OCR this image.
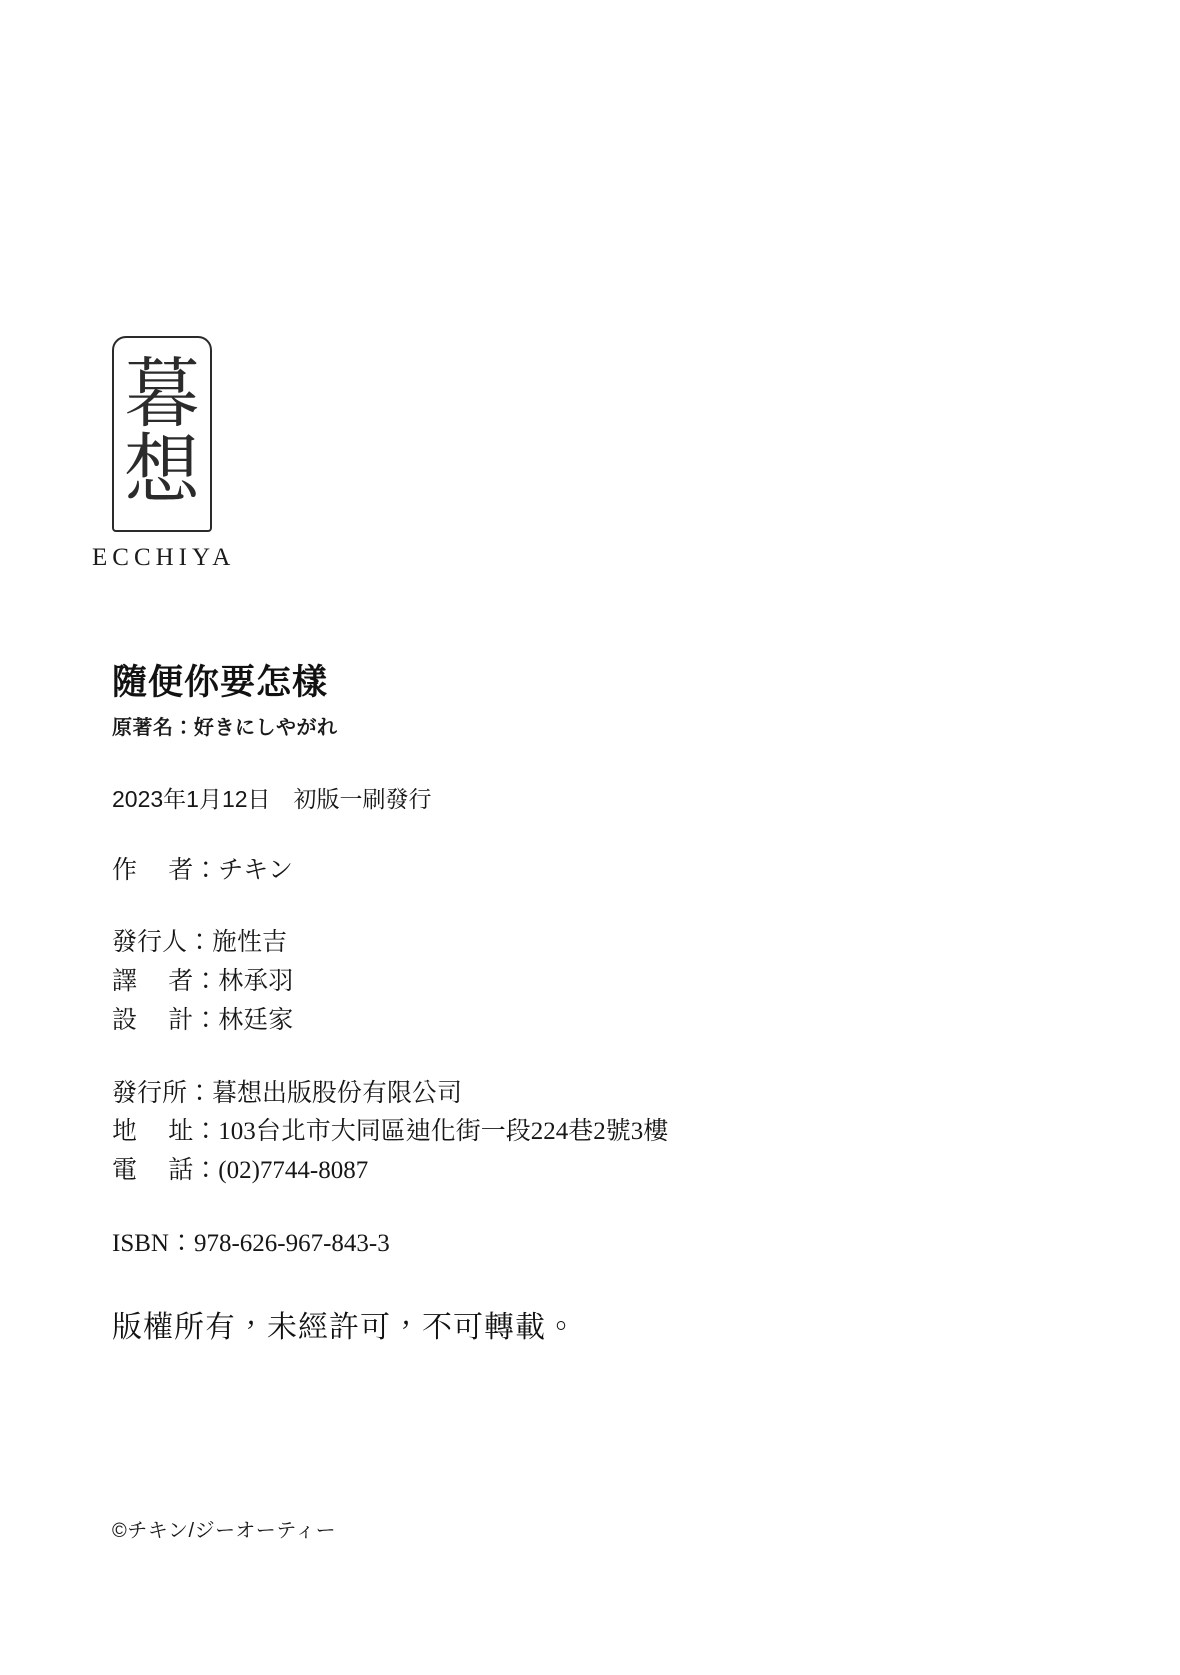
暮
想
ECCHIYA
隨便你要怎樣
原著名：好きにしやがれ
2023年1月12日　初版一刷發行
作　 者：チキン
發行人：施性吉
譯　 者：林承羽
設　 計：林廷家
發行所：暮想出版股份有限公司
地　 址：103台北市大同區迪化街一段224巷2號3樓
電　 話：(02)7744-8087
ISBN：978-626-967-843-3
版權所有，未經許可，不可轉載。
©チキン/ジーオーティー
